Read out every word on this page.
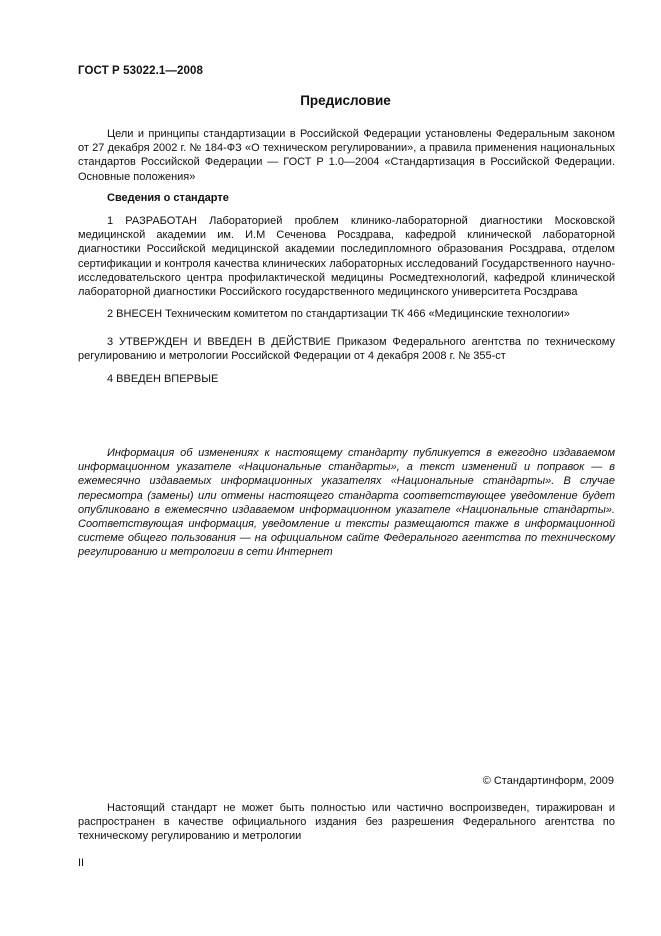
ГОСТ Р 53022.1—2008
Предисловие
Цели и принципы стандартизации в Российской Федерации установлены Федеральным законом от 27 декабря 2002 г. № 184-ФЗ «О техническом регулировании», а правила применения национальных стандартов Российской Федерации — ГОСТ Р 1.0—2004 «Стандартизация в Российской Федерации. Основные положения»
Сведения о стандарте
1 РАЗРАБОТАН Лабораторией проблем клинико-лабораторной диагностики Московской медицинской академии им. И.М Сеченова Росздрава, кафедрой клинической лабораторной диагностики Российской медицинской академии последипломного образования Росздрава, отделом сертификации и контроля качества клинических лабораторных исследований Государственного научно-исследовательского центра профилактической медицины Росмедтехнологий, кафедрой клинической лабораторной диагностики Российского государственного медицинского университета Росздрава
2 ВНЕСЕН Техническим комитетом по стандартизации ТК 466 «Медицинские технологии»
3 УТВЕРЖДЕН И ВВЕДЕН В ДЕЙСТВИЕ Приказом Федерального агентства по техническому регулированию и метрологии Российской Федерации от 4 декабря 2008 г. № 355-ст
4 ВВЕДЕН ВПЕРВЫЕ
Информация об изменениях к настоящему стандарту публикуется в ежегодно издаваемом информационном указателе «Национальные стандарты», а текст изменений и поправок — в ежемесячно издаваемых информационных указателях «Национальные стандарты». В случае пересмотра (замены) или отмены настоящего стандарта соответствующее уведомление будет опубликовано в ежемесячно издаваемом информационном указателе «Национальные стандарты». Соответствующая информация, уведомление и тексты размещаются также в информационной системе общего пользования — на официальном сайте Федерального агентства по техническому регулированию и метрологии в сети Интернет
© Стандартинформ, 2009
Настоящий стандарт не может быть полностью или частично воспроизведен, тиражирован и распространен в качестве официального издания без разрешения Федерального агентства по техническому регулированию и метрологии
II
